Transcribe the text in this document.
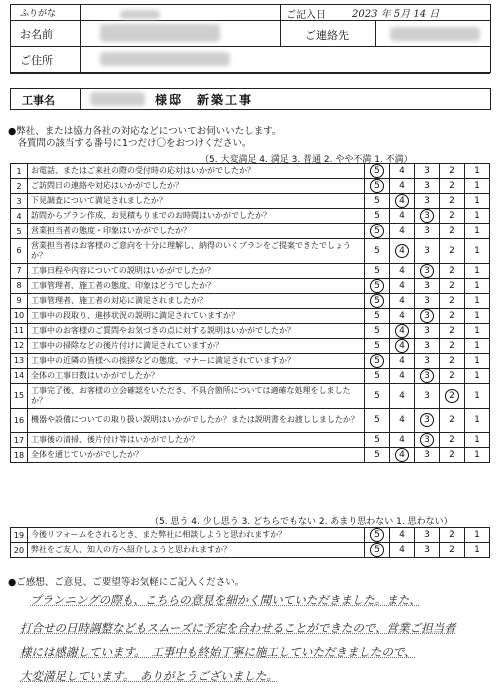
ふりがな
お名前
ご住所
ご記入日	2023 年 5月 14 日
ご連絡先
工事名	様邸　新築工事
●弊社、または協力各社の対応などについてお伺いいたします。
　各質問の該当する番号に1つだけ〇をおつけください。
（5. 大変満足 4. 満足 3. 普通 2. やや不満 1. 不満）
1	お電話、またはご来社の際の受付時の応対はいかがでしたか？	5	4	3	2	1
2	ご訪問日の連絡や対応はいかがでしたか？	5	4	3	2	1
3	下見調査について満足されましたか？	5	4	3	2	1
4	訪問からプラン作成、お見積もりまでのお時間はいかがでしたか？	5	4	3	2	1
5	営業担当者の態度・印象はいかがでしたか？	5	4	3	2	1
6	営業担当者はお客様のご意向を十分に理解し、納得のいくプランをご提案できたでしょうか？	5	4	3	2	1
7	工事日程や内容についての説明はいかがでしたか？	5	4	3	2	1
8	工事管理者、施工者の態度、印象はどうでしたか？	5	4	3	2	1
9	工事管理者、施工者の対応に満足されましたか？	5	4	3	2	1
10	工事中の段取り、進捗状況の説明に満足されていますか？	5	4	3	2	1
11	工事中のお客様のご質問やお気づきの点に対する説明はいかがでしたか？	5	4	3	2	1
12	工事中の掃除などの後片付けに満足されていますか？	5	4	3	2	1
13	工事中の近隣の皆様への挨拶などの態度、マナーに満足されていますか？	5	4	3	2	1
14	全体の工事日数はいかがでしたか？	5	4	3	2	1
15	工事完了後、お客様の立会確認をいただき、不具合箇所については適確な処理をしましたか？	5	4	3	2	1
16	機器や設備についての取り扱い説明はいかがでしたか？または説明書をお渡ししましたか？	5	4	3	2	1
17	工事後の清掃、後片付け等はいかがでしたか？	5	4	3	2	1
18	全体を通じていかがでしたか？	5	4	3	2	1
（5. 思う 4. 少し思う 3. どちらでもない 2. あまり思わない 1. 思わない）
19	今後リフォームをされるとき、また弊社に相談しようと思われますか？	5	4	3	2	1
20	弊社をご友人、知人の方へ紹介しようと思われますか？	5	4	3	2	1
●ご感想、ご意見、ご要望等お気軽にご記入ください。
プランニングの際も、こちらの意見を細かく聞いていただきました。また、
打合せの日時調整などもスムーズに予定を合わせることができたので、営業ご担当者
様には感謝しています。　工事中も終始丁寧に施工していただきましたので、
大変満足しています。　ありがとうございました。
